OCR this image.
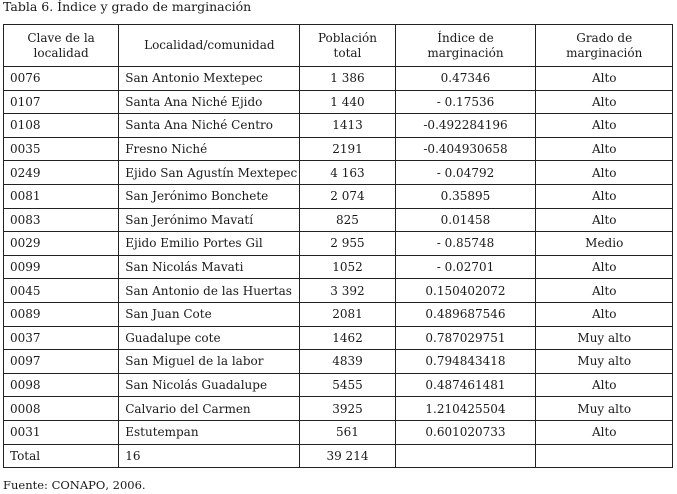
Tabla 6. Índice y grado de marginación
Clave de la localidad	Localidad/comunidad	Población total	Índice de marginación	Grado de marginación
0076	San Antonio Mextepec	1 386	0.47346	Alto
0107	Santa Ana Niché Ejido	1 440	- 0.17536	Alto
0108	Santa Ana Niché Centro	1413	-0.492284196	Alto
0035	Fresno Niché	2191	-0.404930658	Alto
0249	Ejido San Agustín Mextepec	4 163	- 0.04792	Alto
0081	San Jerónimo Bonchete	2 074	0.35895	Alto
0083	San Jerónimo Mavatí	825	0.01458	Alto
0029	Ejido Emilio Portes Gil	2 955	- 0.85748	Medio
0099	San Nicolás Mavati	1052	- 0.02701	Alto
0045	San Antonio de las Huertas	3 392	0.150402072	Alto
0089	San Juan Cote	2081	0.489687546	Alto
0037	Guadalupe cote	1462	0.787029751	Muy alto
0097	San Miguel de la labor	4839	0.794843418	Muy alto
0098	San Nicolás Guadalupe	5455	0.487461481	Alto
0008	Calvario del Carmen	3925	1.210425504	Muy alto
0031	Estutempan	561	0.601020733	Alto
Total	16	39 214		
Fuente: CONAPO, 2006.
